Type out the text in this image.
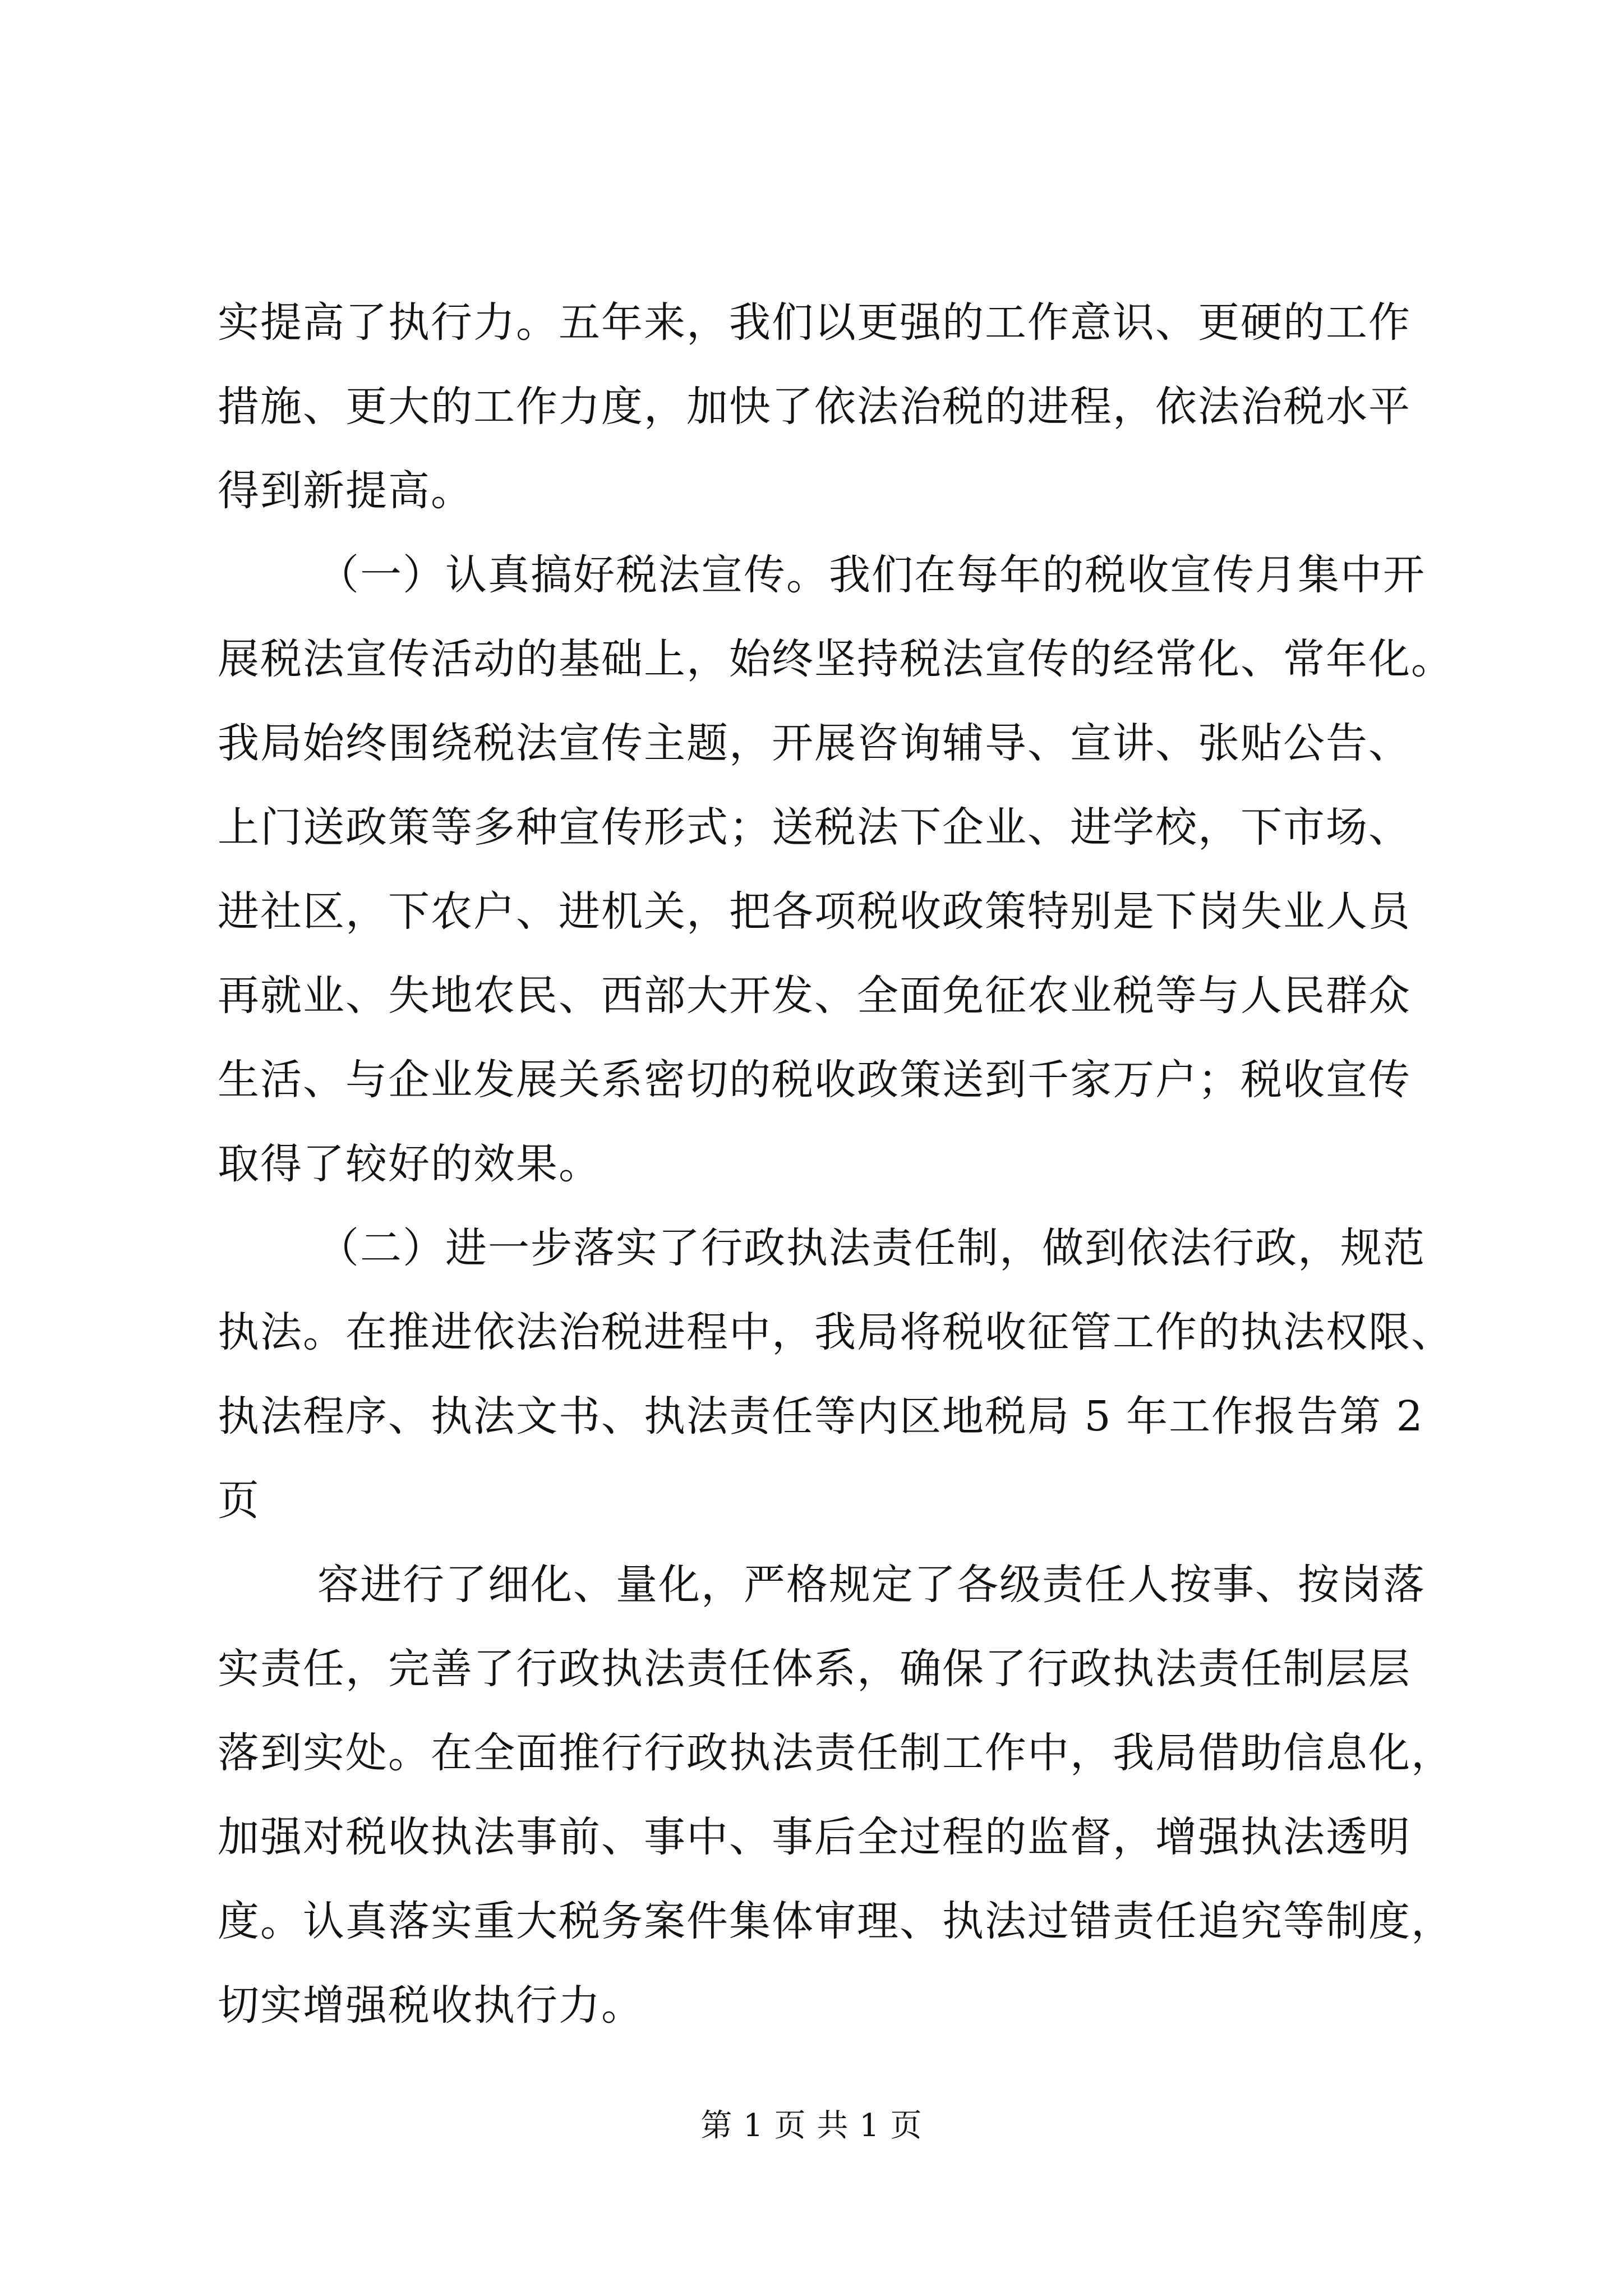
实提高了执行力。五年来，我们以更强的工作意识、更硬的工作
措施、更大的工作力度，加快了依法治税的进程，依法治税水平
得到新提高。
（一）认真搞好税法宣传。我们在每年的税收宣传月集中开
展税法宣传活动的基础上，始终坚持税法宣传的经常化、常年化。
我局始终围绕税法宣传主题，开展咨询辅导、宣讲、张贴公告、
上门送政策等多种宣传形式；送税法下企业、进学校，下市场、
进社区，下农户、进机关，把各项税收政策特别是下岗失业人员
再就业、失地农民、西部大开发、全面免征农业税等与人民群众
生活、与企业发展关系密切的税收政策送到千家万户；税收宣传
取得了较好的效果。
（二）进一步落实了行政执法责任制，做到依法行政，规范
执法。在推进依法治税进程中，我局将税收征管工作的执法权限、
执法程序、执法文书、执法责任等内区地税局 5 年工作报告第 2
页
容进行了细化、量化，严格规定了各级责任人按事、按岗落
实责任，完善了行政执法责任体系，确保了行政执法责任制层层
落到实处。在全面推行行政执法责任制工作中，我局借助信息化，
加强对税收执法事前、事中、事后全过程的监督，增强执法透明
度。认真落实重大税务案件集体审理、执法过错责任追究等制度，
切实增强税收执行力。
第 1 页 共 1 页
